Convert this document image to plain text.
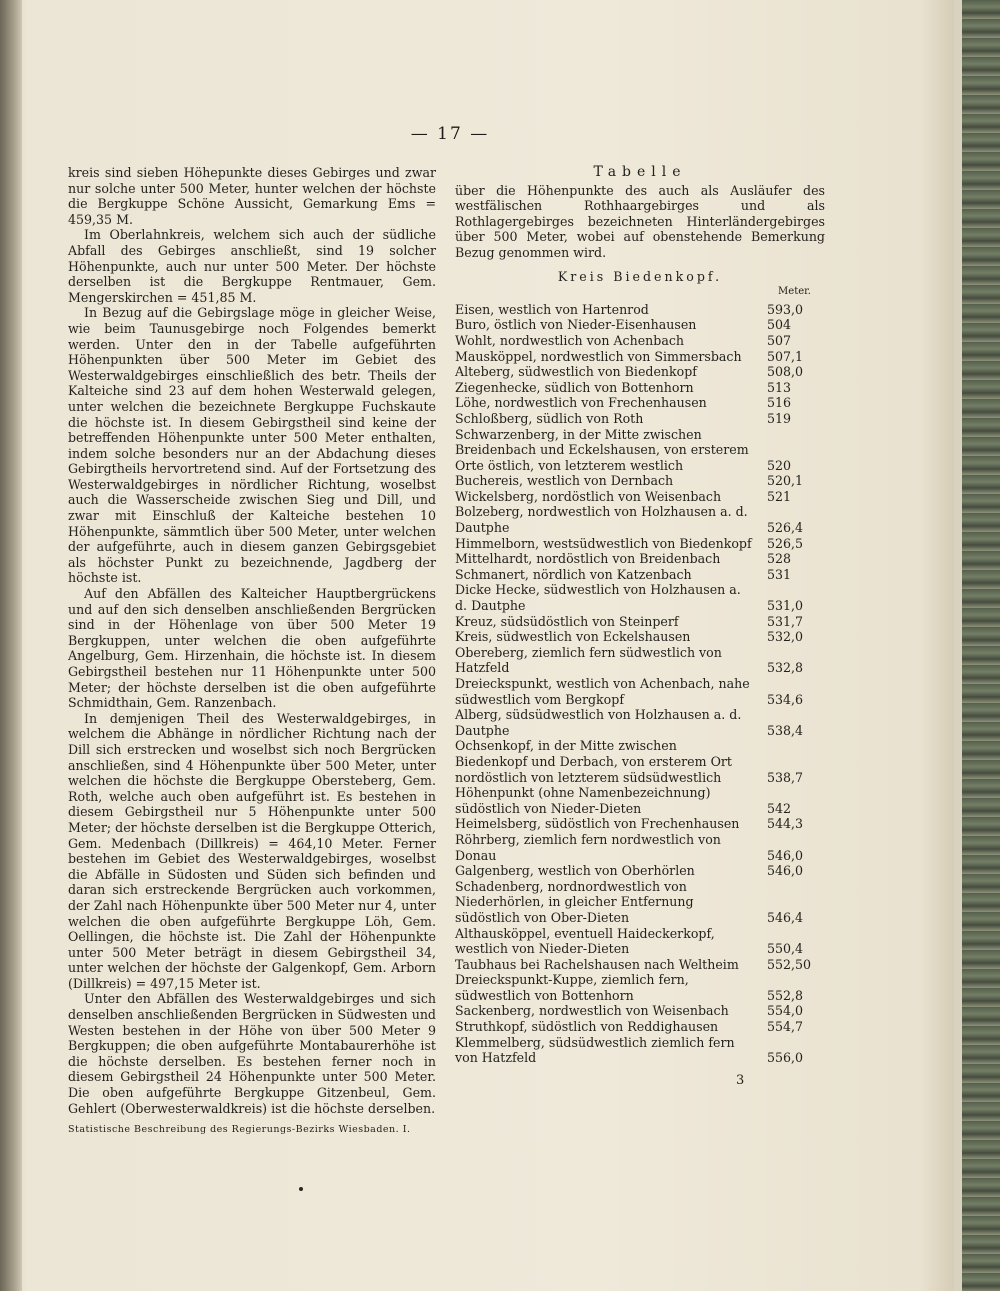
— 17 —

kreis sind sieben Höhepunkte dieses Gebirges und zwar nur solche unter 500 Meter, hunter welchen der höchste die Bergkuppe Schöne Aussicht, Gemarkung Ems = 459,35 M.

Im Oberlahnkreis, welchem sich auch der südliche Abfall des Gebirges anschließt, sind 19 solcher Höhenpunkte, auch nur unter 500 Meter. Der höchste derselben ist die Bergkuppe Rentmauer, Gem. Mengerskirchen = 451,85 M.

In Bezug auf die Gebirgslage möge in gleicher Weise, wie beim Taunusgebirge noch Folgendes bemerkt werden. Unter den in der Tabelle aufgeführten Höhenpunkten über 500 Meter im Gebiet des Westerwaldgebirges einschließlich des betr. Theils der Kalteiche sind 23 auf dem hohen Westerwald gelegen, unter welchen die bezeichnete Bergkuppe Fuchskaute die höchste ist. In diesem Gebirgstheil sind keine der betreffenden Höhenpunkte unter 500 Meter enthalten, indem solche besonders nur an der Abdachung dieses Gebirgtheils hervortretend sind. Auf der Fortsetzung des Westerwaldgebirges in nördlicher Richtung, woselbst auch die Wasserscheide zwischen Sieg und Dill, und zwar mit Einschluß der Kalteiche bestehen 10 Höhenpunkte, sämmtlich über 500 Meter, unter welchen der aufgeführte, auch in diesem ganzen Gebirgsgebiet als höchster Punkt zu bezeichnende, Jagdberg der höchste ist.

Auf den Abfällen des Kalteicher Hauptbergrückens und auf den sich denselben anschließenden Bergrücken sind in der Höhenlage von über 500 Meter 19 Bergkuppen, unter welchen die oben aufgeführte Angelburg, Gem. Hirzenhain, die höchste ist. In diesem Gebirgstheil bestehen nur 11 Höhenpunkte unter 500 Meter; der höchste derselben ist die oben aufgeführte Schmidthain, Gem. Ranzenbach.

In demjenigen Theil des Westerwaldgebirges, in welchem die Abhänge in nördlicher Richtung nach der Dill sich erstrecken und woselbst sich noch Bergrücken anschließen, sind 4 Höhenpunkte über 500 Meter, unter welchen die höchste die Bergkuppe Obersteberg, Gem. Roth, welche auch oben aufgeführt ist. Es bestehen in diesem Gebirgstheil nur 5 Höhenpunkte unter 500 Meter; der höchste derselben ist die Bergkuppe Otterich, Gem. Medenbach (Dillkreis) = 464,10 Meter. Ferner bestehen im Gebiet des Westerwaldgebirges, woselbst die Abfälle in Südosten und Süden sich befinden und daran sich erstreckende Bergrücken auch vorkommen, der Zahl nach Höhenpunkte über 500 Meter nur 4, unter welchen die oben aufgeführte Bergkuppe Löh, Gem. Oellingen, die höchste ist. Die Zahl der Höhenpunkte unter 500 Meter beträgt in diesem Gebirgstheil 34, unter welchen der höchste der Galgenkopf, Gem. Arborn (Dillkreis) = 497,15 Meter ist.

Unter den Abfällen des Westerwaldgebirges und sich denselben anschließenden Bergrücken in Südwesten und Westen bestehen in der Höhe von über 500 Meter 9 Bergkuppen; die oben aufgeführte Montabaurerhöhe ist die höchste derselben. Es bestehen ferner noch in diesem Gebirgstheil 24 Höhenpunkte unter 500 Meter. Die oben aufgeführte Bergkuppe Gitzenbeul, Gem. Gehlert (Oberwesterwaldkreis) ist die höchste derselben.

Statistische Beschreibung des Regierungs-Bezirks Wiesbaden. I.
Tabelle
über die Höhenpunkte des auch als Ausläufer des westfälischen Rothhaargebirges und als Rothlagergebirges bezeichneten Hinterländergebirges über 500 Meter, wobei auf obenstehende Bemerkung Bezug genommen wird.
Kreis Biedenkopf.
Meter.
Eisen, westlich von Hartenrod	593,0
Buro, östlich von Nieder-Eisenhausen	504
Wohlt, nordwestlich von Achenbach	507
Mausköppel, nordwestlich von Simmersbach	507,1
Alteberg, südwestlich von Biedenkopf	508,0
Ziegenhecke, südlich von Bottenhorn	513
Löhe, nordwestlich von Frechenhausen	516
Schloßberg, südlich von Roth	519
Schwarzenberg, in der Mitte zwischen Breidenbach und Eckelshausen, von ersterem Orte östlich, von letzterem westlich	520
Buchereis, westlich von Dernbach	520,1
Wickelsberg, nordöstlich von Weisenbach	521
Bolzeberg, nordwestlich von Holzhausen a. d. Dautphe	526,4
Himmelborn, westsüdwestlich von Biedenkopf	526,5
Mittelhardt, nordöstlich von Breidenbach	528
Schmanert, nördlich von Katzenbach	531
Dicke Hecke, südwestlich von Holzhausen a. d. Dautphe	531,0
Kreuz, südsüdöstlich von Steinperf	531,7
Kreis, südwestlich von Eckelshausen	532,0
Obereberg, ziemlich fern südwestlich von Hatzfeld	532,8
Dreieckspunkt, westlich von Achenbach, nahe südwestlich vom Bergkopf	534,6
Alberg, südsüdwestlich von Holzhausen a. d. Dautphe	538,4
Ochsenkopf, in der Mitte zwischen Biedenkopf und Derbach, von ersterem Ort nordöstlich von letzterem südsüdwestlich	538,7
Höhenpunkt (ohne Namenbezeichnung) südöstlich von Nieder-Dieten	542
Heimelsberg, südöstlich von Frechenhausen	544,3
Röhrberg, ziemlich fern nordwestlich von Donau	546,0
Galgenberg, westlich von Oberhörlen	546,0
Schadenberg, nordnordwestlich von Niederhörlen, in gleicher Entfernung südöstlich von Ober-Dieten	546,4
Althausköppel, eventuell Haideckerkopf, westlich von Nieder-Dieten	550,4
Taubhaus bei Rachelshausen nach Weltheim	552,50
Dreieckspunkt-Kuppe, ziemlich fern, südwestlich von Bottenhorn	552,8
Sackenberg, nordwestlich von Weisenbach	554,0
Struthkopf, südöstlich von Reddighausen	554,7
Klemmelberg, südsüdwestlich ziemlich fern von Hatzfeld	556,0
3
